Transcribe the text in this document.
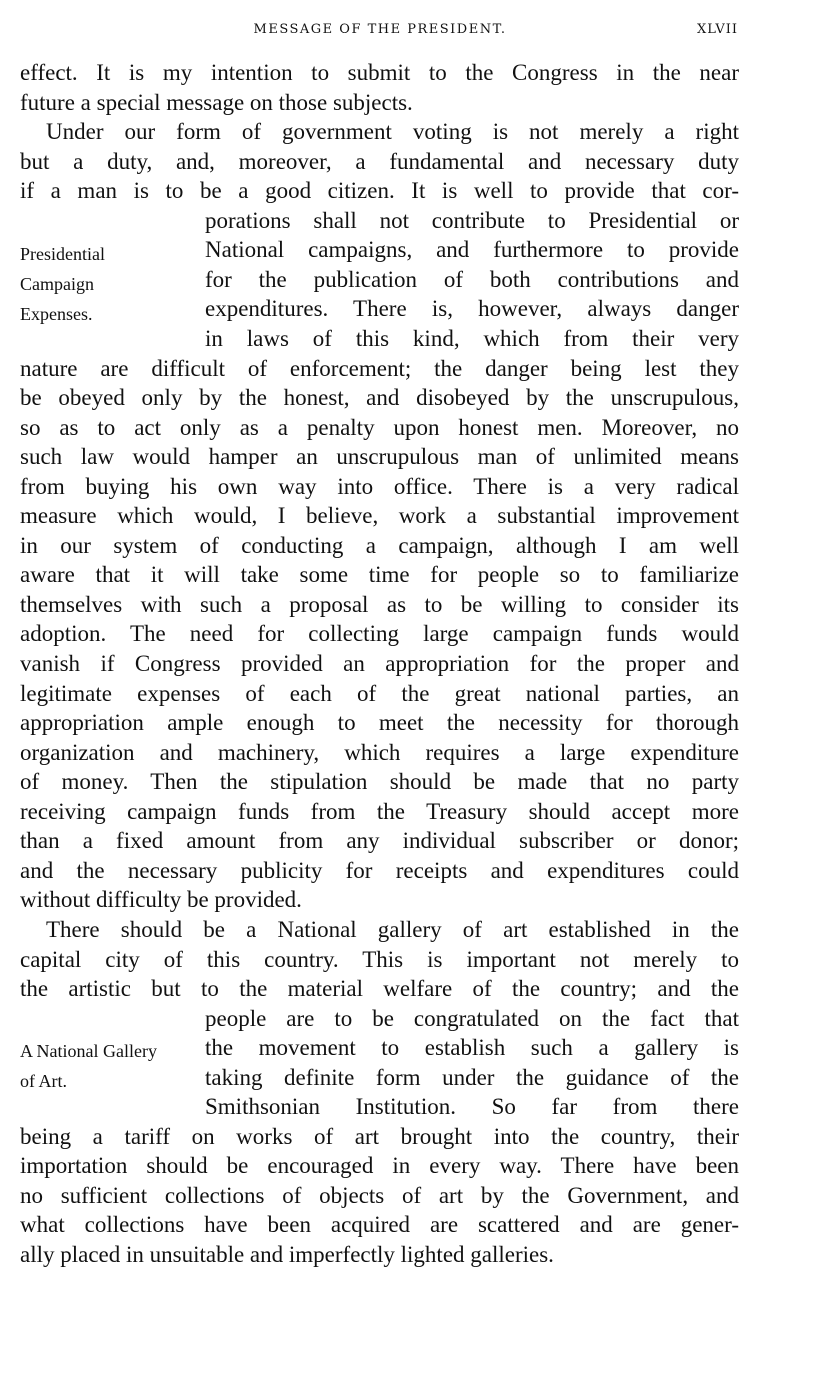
MESSAGE OF THE PRESIDENT.	XLVII
Presidential
Campaign
Expenses.
A National Gallery
of Art.
effect. It is my intention to submit to the Congress in the near
future a special message on those subjects.
Under our form of government voting is not merely a right
but a duty, and, moreover, a fundamental and necessary duty
if a man is to be a good citizen. It is well to provide that cor-
porations shall not contribute to Presidential or
National campaigns, and furthermore to provide
for the publication of both contributions and
expenditures. There is, however, always danger
in laws of this kind, which from their very
nature are difficult of enforcement; the danger being lest they
be obeyed only by the honest, and disobeyed by the unscrupulous,
so as to act only as a penalty upon honest men. Moreover, no
such law would hamper an unscrupulous man of unlimited means
from buying his own way into office. There is a very radical
measure which would, I believe, work a substantial improvement
in our system of conducting a campaign, although I am well
aware that it will take some time for people so to familiarize
themselves with such a proposal as to be willing to consider its
adoption. The need for collecting large campaign funds would
vanish if Congress provided an appropriation for the proper and
legitimate expenses of each of the great national parties, an
appropriation ample enough to meet the necessity for thorough
organization and machinery, which requires a large expenditure
of money. Then the stipulation should be made that no party
receiving campaign funds from the Treasury should accept more
than a fixed amount from any individual subscriber or donor;
and the necessary publicity for receipts and expenditures could
without difficulty be provided.
There should be a National gallery of art established in the
capital city of this country. This is important not merely to
the artistic but to the material welfare of the country; and the
people are to be congratulated on the fact that
the movement to establish such a gallery is
taking definite form under the guidance of the
Smithsonian Institution. So far from there
being a tariff on works of art brought into the country, their
importation should be encouraged in every way. There have been
no sufficient collections of objects of art by the Government, and
what collections have been acquired are scattered and are gener-
ally placed in unsuitable and imperfectly lighted galleries.
